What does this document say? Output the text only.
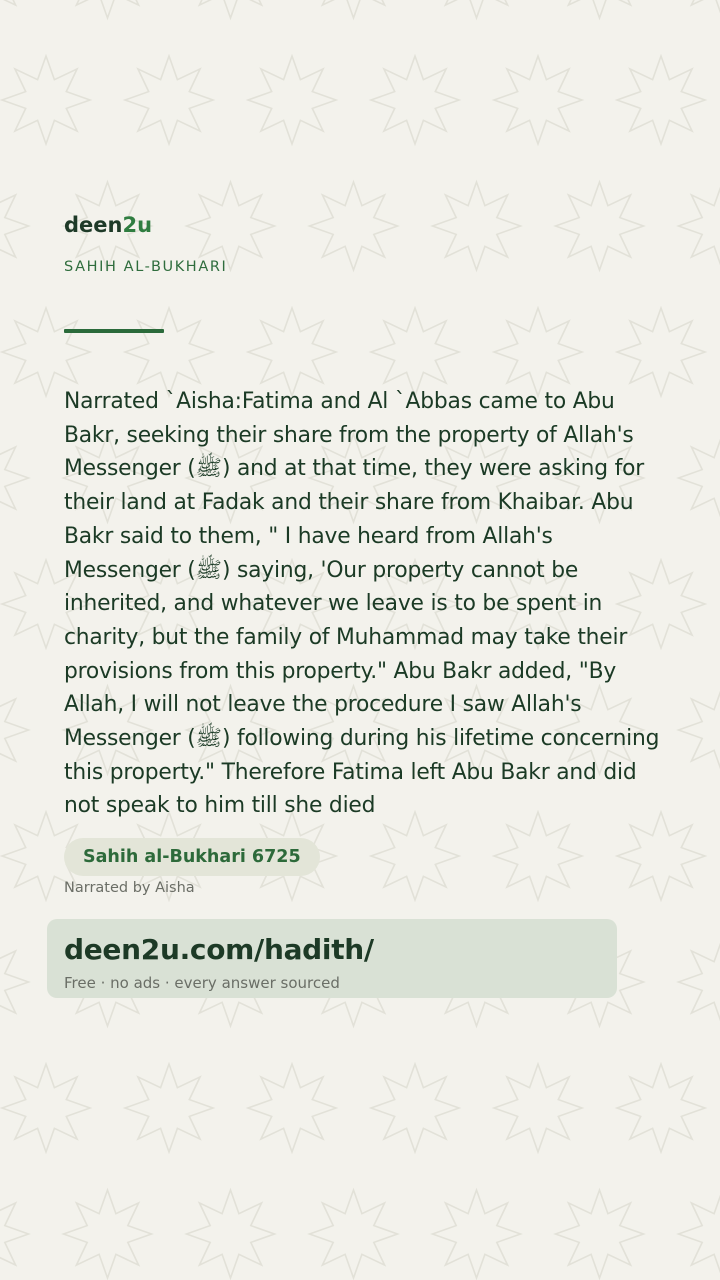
deen2u
SAHIH AL-BUKHARI

Narrated `Aisha:Fatima and Al `Abbas came to Abu Bakr, seeking their share from the property of Allah's Messenger (ﷺ) and at that time, they were asking for their land at Fadak and their share from Khaibar. Abu Bakr said to them, " I have heard from Allah's Messenger (ﷺ) saying, 'Our property cannot be inherited, and whatever we leave is to be spent in charity, but the family of Muhammad may take their provisions from this property." Abu Bakr added, "By Allah, I will not leave the procedure I saw Allah's Messenger (ﷺ) following during his lifetime concerning this property." Therefore Fatima left Abu Bakr and did not speak to him till she died

Sahih al-Bukhari 6725
Narrated by Aisha
deen2u.com/hadith/
Free · no ads · every answer sourced
